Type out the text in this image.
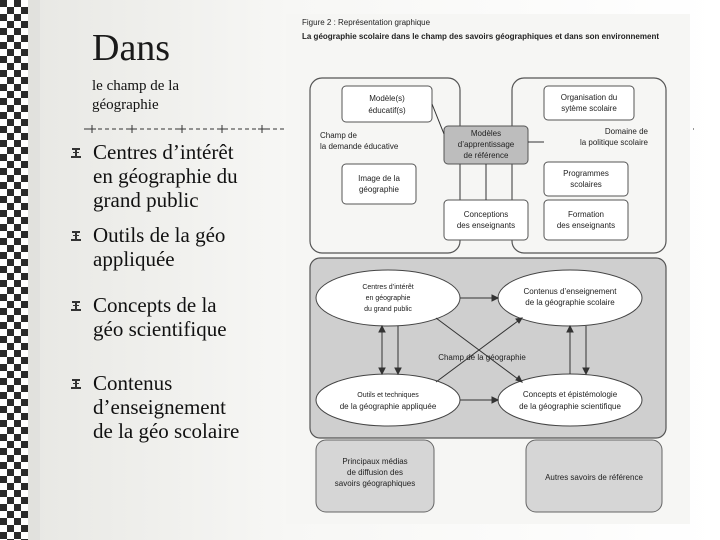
Dans
le champ de la
géographie
Centres d’intérêt
en géographie du
grand public
Outils de la géo
appliquée
Concepts de la
géo scientifique
Contenus
d’enseignement
de la géo scolaire
Figure 2 : Représentation graphique
La géographie scolaire dans le champ des savoirs géographiques et dans son environnement
Modèle(s)
éducatif(s)
Organisation du
sytème scolaire
Modèles
d’apprentissage
de référence
Image de la
géographie
Programmes
scolaires
Conceptions
des enseignants
Formation
des enseignants
Centres d’intérêt
en géographie
du grand public
Contenus d’enseignement
de la géographie scolaire
Champ de la géographie
Outils et techniques
de la géographie appliquée
Concepts et épistémologie
de la géographie scientifique
Principaux médias
de diffusion des
savoirs géographiques
Autres savoirs de référence
Champ de
la demande éducative
Domaine de
la politique scolaire
